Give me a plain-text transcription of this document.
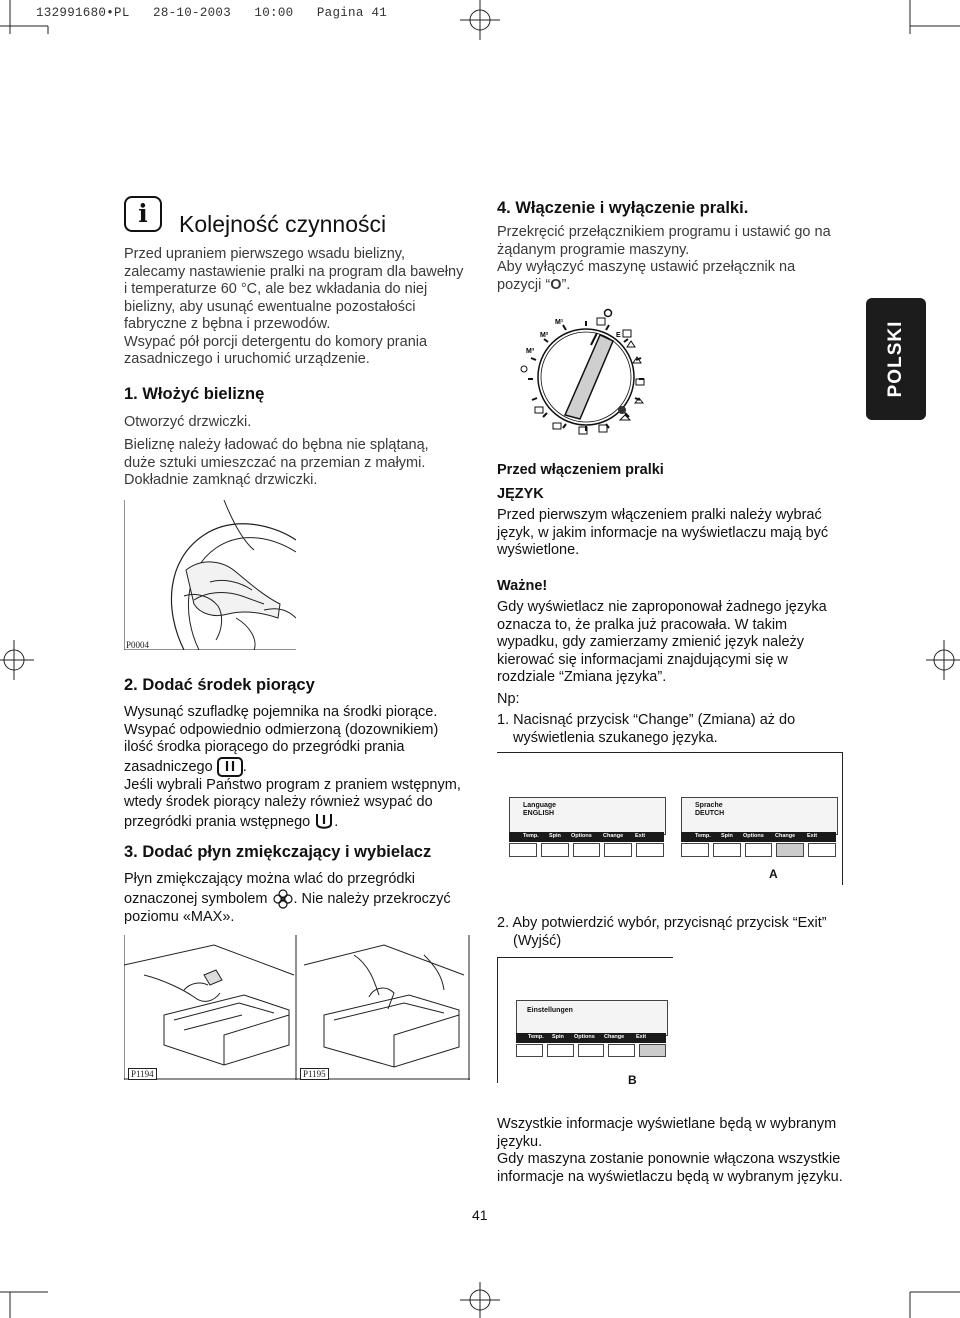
132991680•PL   28-10-2003   10:00   Pagina 41
POLSKI
i	Kolejność czynności

Przed upraniem pierwszego wsadu bielizny,

zalecamy nastawienie pralki na program dla bawełny

i temperaturze 60 °C, ale bez wkładania do niej

bielizny, aby usunąć ewentualne pozostałości

fabryczne z bębna i przewodów.

Wsypać pół porcji detergentu do komory prania

zasadniczego i uruchomić urządzenie.

1. Włożyć bieliznę

Otworzyć drzwiczki.

Bieliznę należy ładować do bębna nie splątaną,

duże sztuki umieszczać na przemian z małymi.

Dokładnie zamknąć drzwiczki.

P0004

2. Dodać środek piorący

Wysunąć szufladkę pojemnika na środki piorące.

Wsypać odpowiednio odmierzoną (dozownikiem)

ilość środka piorącego do przegródki prania

zasadniczego .

Jeśli wybrali Państwo program z praniem wstępnym,

wtedy środek piorący należy również wsypać do

przegródki prania wstępnego .

3. Dodać płyn zmiękczający i wybielacz

Płyn zmiękczający można wlać do przegródki

oznaczonej symbolem . Nie należy przekroczyć

poziomu «MAX».

P1194	P1195

4. Włączenie i wyłączenie pralki.

Przekręcić przełącznikiem programu i ustawić go na

żądanym programie maszyny.

Aby wyłączyć maszynę ustawić przełącznik na

pozycji “O”.

M²
M¹
M³
E

Przed włączeniem pralki

JĘZYK

Przed pierwszym włączeniem pralki należy wybrać

język, w jakim informacje na wyświetlaczu mają być

wyświetlone.

Ważne!

Gdy wyświetlacz nie zaproponował żadnego języka

oznacza to, że pralka już pracowała. W takim

wypadku, gdy zamierzamy zmienić język należy

kierować się informacjami znajdującymi się w

rozdziale “Zmiana języka”.

Np:

1. Nacisnąć przycisk “Change” (Zmiana) aż do

wyświetlenia szukanego języka.

Language
ENGLISH
Temp. Spin Options Change Exit
Sprache
DEUTCH
Temp. Spin Options Change Exit
A

2. Aby potwierdzić wybór, przycisnąć przycisk “Exit”

(Wyjść)

Einstellungen
Temp. Spin Options Change Exit
B

Wszystkie informacje wyświetlane będą w wybranym

języku.

Gdy maszyna zostanie ponownie włączona wszystkie

informacje na wyświetlaczu będą w wybranym języku.

41
